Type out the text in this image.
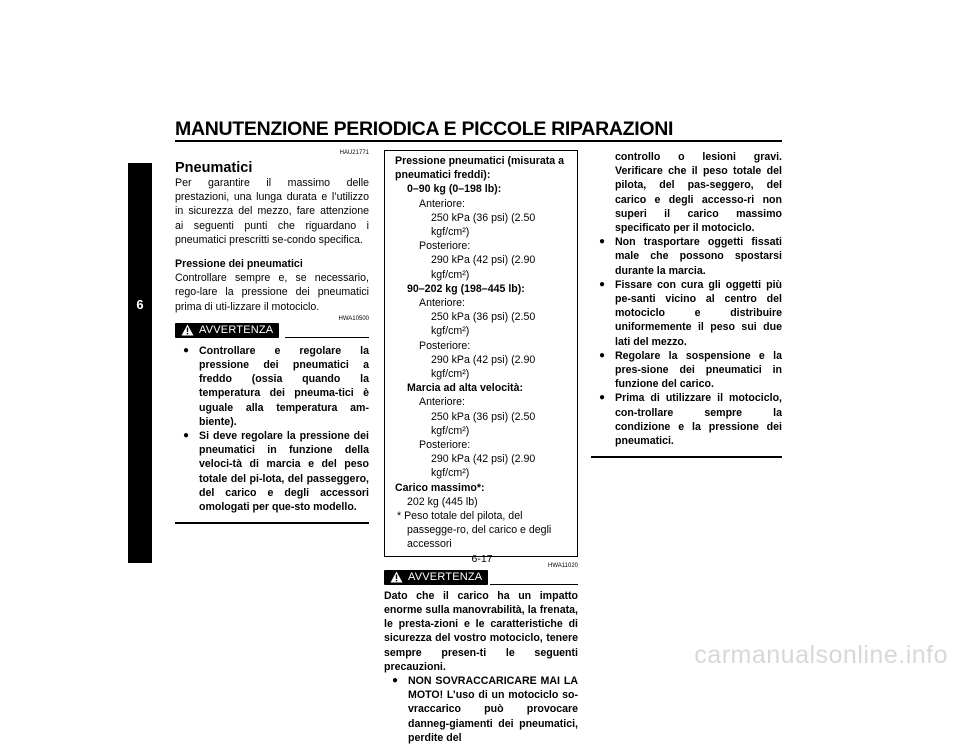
MANUTENZIONE PERIODICA E PICCOLE RIPARAZIONI
6
HAU21771
Pneumatici

Per garantire il massimo delle prestazioni, una lunga durata e l’utilizzo in sicurezza del mezzo, fare attenzione ai seguenti punti che riguardano i pneumatici prescritti se-condo specifica.

Pressione dei pneumatici

Controllare sempre e, se necessario, rego-lare la pressione dei pneumatici prima di uti-lizzare il motociclo.

HWA10500
AVVERTENZA
● Controllare e regolare la pressione dei pneumatici a freddo (ossia quando la temperatura dei pneuma-tici è uguale alla temperatura am-biente).
● Si deve regolare la pressione dei pneumatici in funzione della veloci-tà di marcia e del peso totale del pi-lota, del passeggero, del carico e degli accessori omologati per que-sto modello.
Pressione pneumatici (misurata a pneumatici freddi):
0–90 kg (0–198 lb):
Anteriore:
250 kPa (36 psi) (2.50 kgf/cm²)
Posteriore:
290 kPa (42 psi) (2.90 kgf/cm²)
90–202 kg (198–445 lb):
Anteriore:
250 kPa (36 psi) (2.50 kgf/cm²)
Posteriore:
290 kPa (42 psi) (2.90 kgf/cm²)
Marcia ad alta velocità:
Anteriore:
250 kPa (36 psi) (2.50 kgf/cm²)
Posteriore:
290 kPa (42 psi) (2.90 kgf/cm²)
Carico massimo*:
202 kg (445 lb)
* Peso totale del pilota, del passegge-ro, del carico e degli accessori
HWA11020
AVVERTENZA

Dato che il carico ha un impatto enorme sulla manovrabilità, la frenata, le presta-zioni e le caratteristiche di sicurezza del vostro motociclo, tenere sempre presen-ti le seguenti precauzioni.

● NON SOVRACCARICARE MAI LA MOTO! L’uso di un motociclo so-vraccarico può provocare danneg-giamenti dei pneumatici, perdite del

controllo o lesioni gravi. Verificare che il peso totale del pilota, del pas-seggero, del carico e degli accesso-ri non superi il carico massimo specificato per il motociclo.

● Non trasportare oggetti fissati male che possono spostarsi durante la marcia.
● Fissare con cura gli oggetti più pe-santi vicino al centro del motociclo e distribuire uniformemente il peso sui due lati del mezzo.
● Regolare la sospensione e la pres-sione dei pneumatici in funzione del carico.
● Prima di utilizzare il motociclo, con-trollare sempre la condizione e la pressione dei pneumatici.
6-17
carmanualsonline.info
